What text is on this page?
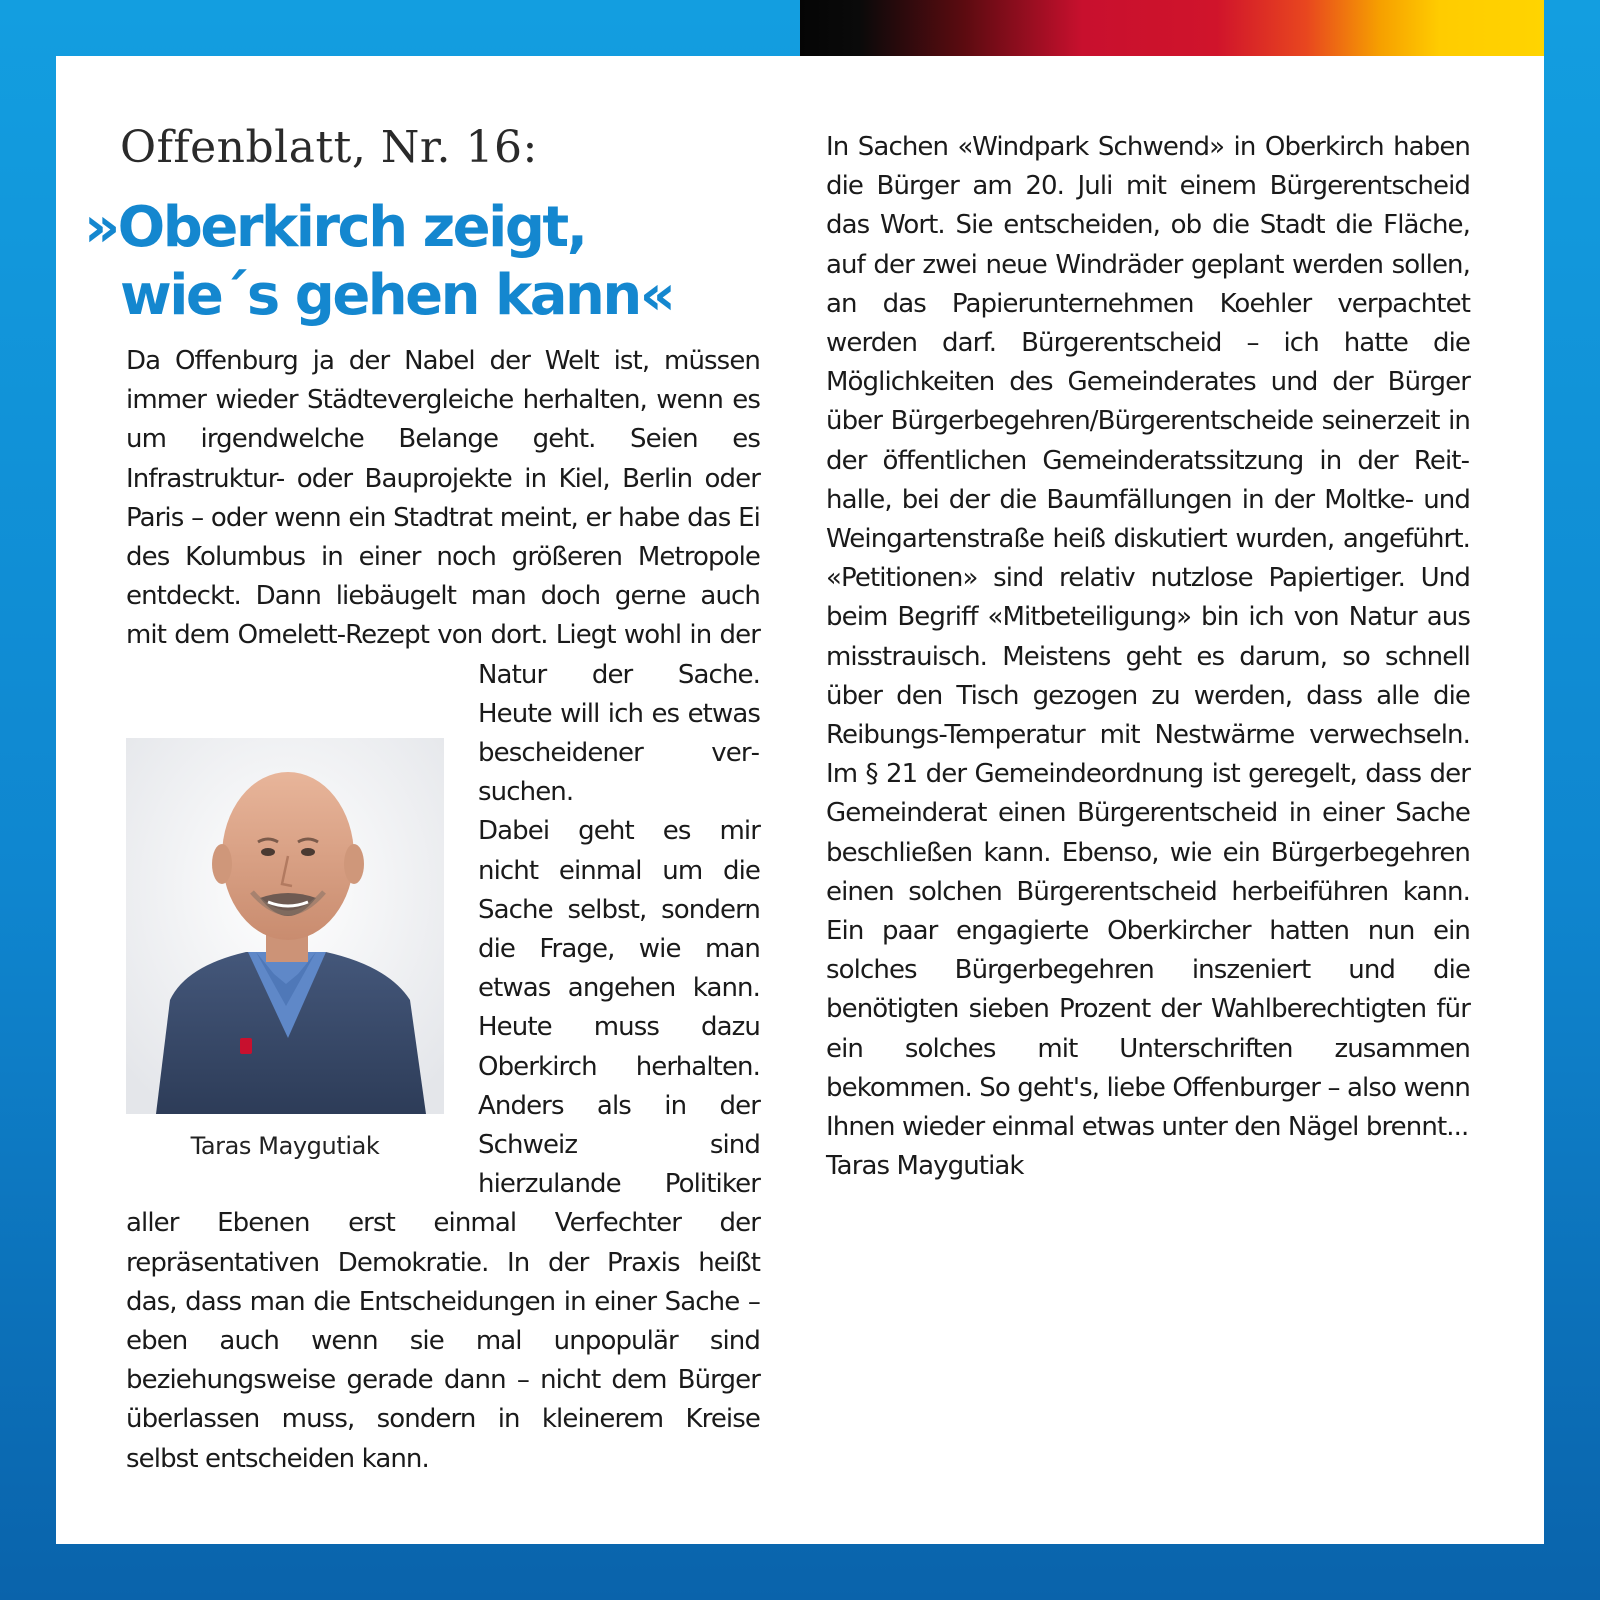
Offenblatt, Nr. 16:
»Oberkirch zeigt,
wie´s gehen kann«

Da Offenburg ja der Nabel der Welt ist, müssen immer wieder Städtevergleiche herhalten, wenn es um irgendwelche Belange geht. Seien es Infrastruktur- oder Bauprojekte in Kiel, Berlin oder Paris – oder wenn ein Stadtrat meint, er habe das Ei des Kolumbus in einer noch größeren Metropole entdeckt. Dann liebäugelt man doch gerne auch mit dem Omelett-Rezept von dort. Liegt wohl in der Natur der Sache. Heute will ich es etwas bescheidener versuchen.

Dabei geht es mir nicht einmal um die Sache selbst, sondern die Frage, wie man etwas angehen kann. Heute muss dazu Oberkirch herhalten. Anders als in der Schweiz sind hierzulande Politiker aller Ebenen erst einmal Verfechter der repräsentativen Demokratie. In der Praxis heißt das, dass man die Entscheidungen in einer Sache – eben auch wenn sie mal unpopulär sind beziehungsweise gerade dann – nicht dem Bürger überlassen muss, sondern in kleinerem Kreise selbst entscheiden kann.

Taras Maygutiak

In Sachen «Windpark Schwend» in Oberkirch haben die Bürger am 20. Juli mit einem Bürgerentscheid das Wort. Sie entscheiden, ob die Stadt die Fläche, auf der zwei neue Windräder geplant werden sollen, an das Papierunternehmen Koehler verpachtet werden darf. Bürgerentscheid – ich hatte die Möglichkeiten des Gemeinderates und der Bürger über Bürgerbegehren/Bürgerentscheide seinerzeit in der öffentlichen Gemeinderatssitzung in der Reithalle, bei der die Baumfällungen in der Moltke- und Weingartenstraße heiß diskutiert wurden, angeführt. «Petitionen» sind relativ nutzlose Papiertiger. Und beim Begriff «Mitbeteiligung» bin ich von Natur aus misstrauisch. Meistens geht es darum, so schnell über den Tisch gezogen zu werden, dass alle die Reibungs-Temperatur mit Nestwärme verwechseln. Im § 21 der Gemeindeordnung ist geregelt, dass der Gemeinderat einen Bürgerentscheid in einer Sache beschließen kann. Ebenso, wie ein Bürgerbegehren einen solchen Bürgerentscheid herbeiführen kann. Ein paar engagierte Oberkircher hatten nun ein solches Bürgerbegehren inszeniert und die benötigten sieben Prozent der Wahlberechtigten für ein solches mit Unterschriften zusammen bekommen. So geht's, liebe Offenburger – also wenn Ihnen wieder einmal etwas unter den Nägel brennt...

Taras Maygutiak
